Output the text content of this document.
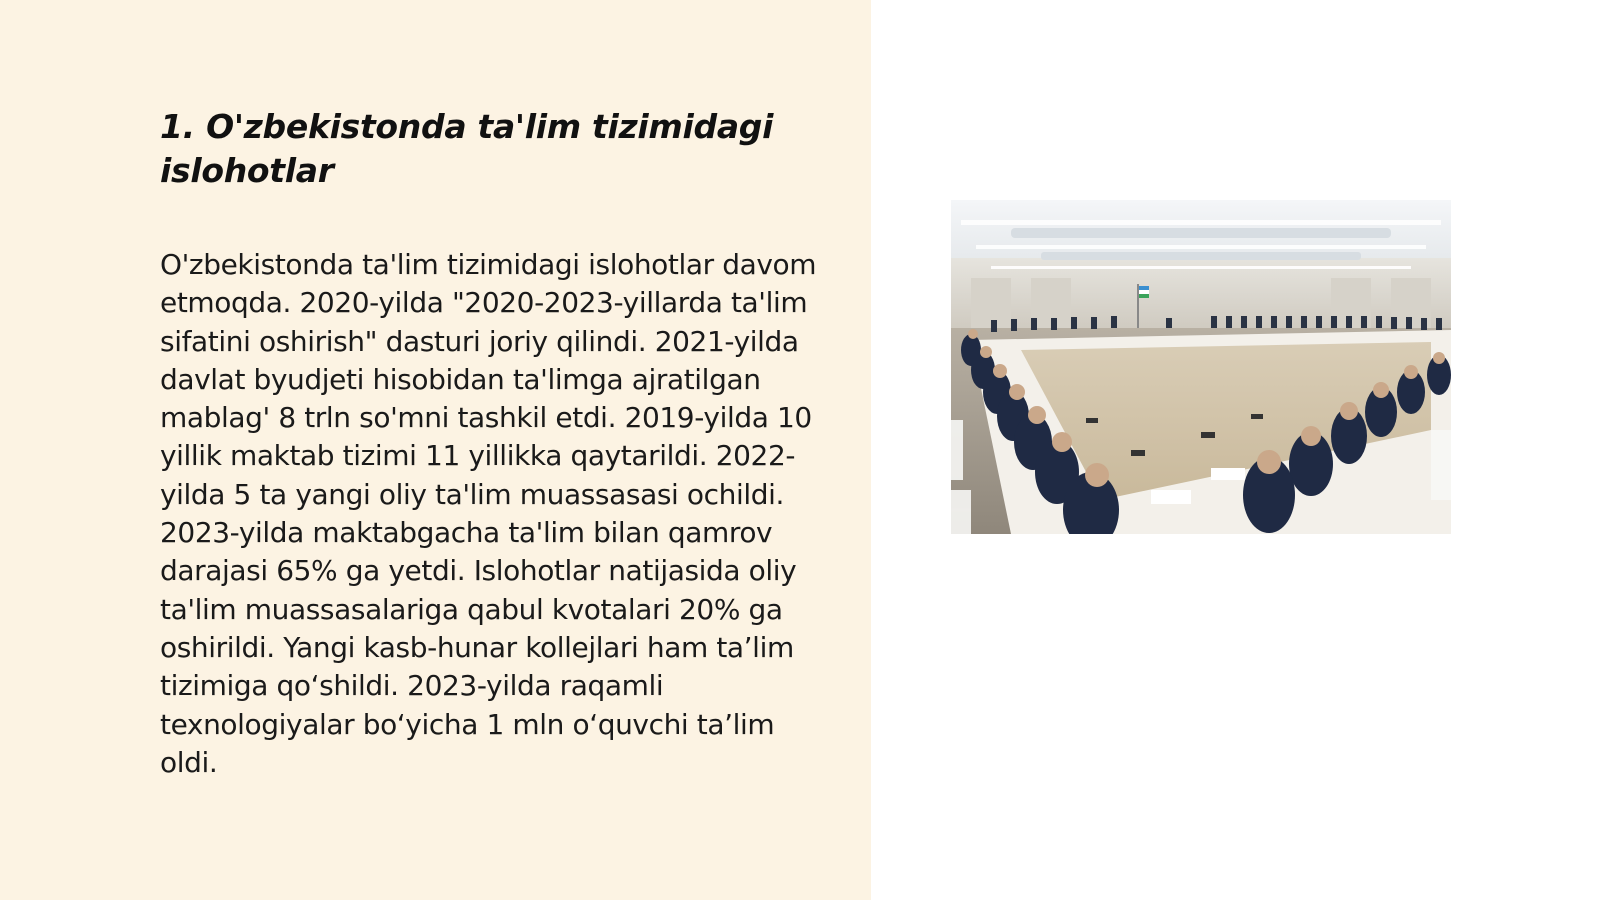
1. O'zbekistonda ta'lim tizimidagi islohotlar

O'zbekistonda ta'lim tizimidagi islohotlar davom etmoqda. 2020-yilda "2020-2023-yillarda ta'lim sifatini oshirish" dasturi joriy qilindi. 2021-yilda davlat byudjeti hisobidan ta'limga ajratilgan mablag' 8 trln so'mni tashkil etdi. 2019-yilda 10 yillik maktab tizimi 11 yillikka qaytarildi. 2022-yilda 5 ta yangi oliy ta'lim muassasasi ochildi. 2023-yilda maktabgacha ta'lim bilan qamrov darajasi 65% ga yetdi. Islohotlar natijasida oliy ta'lim muassasalariga qabul kvotalari 20% ga oshirildi. Yangi kasb-hunar kollejlari ham ta’lim tizimiga qo‘shildi. 2023-yilda raqamli texnologiyalar bo‘yicha 1 mln o‘quvchi ta’lim oldi.
